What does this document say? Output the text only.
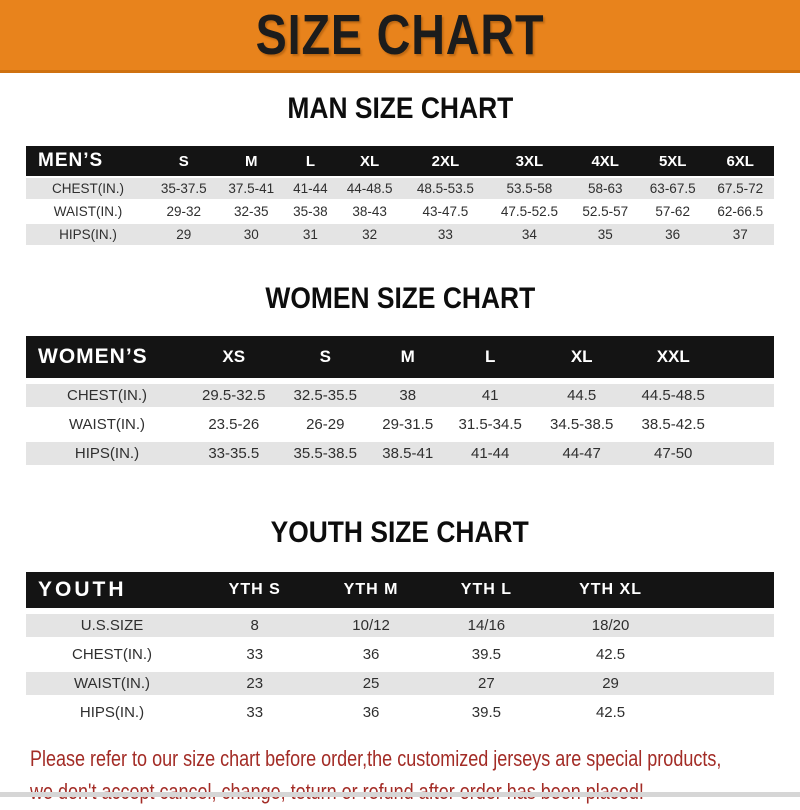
SIZE CHART
MAN SIZE CHART
MEN’S	S	M	L	XL	2XL	3XL	4XL	5XL	6XL
CHEST(IN.)	35-37.5	37.5-41	41-44	44-48.5	48.5-53.5	53.5-58	58-63	63-67.5	67.5-72
WAIST(IN.)	29-32	32-35	35-38	38-43	43-47.5	47.5-52.5	52.5-57	57-62	62-66.5
HIPS(IN.)	29	30	31	32	33	34	35	36	37
WOMEN SIZE CHART
WOMEN’S	XS	S	M	L	XL	XXL	
CHEST(IN.)	29.5-32.5	32.5-35.5	38	41	44.5	44.5-48.5	
WAIST(IN.)	23.5-26	26-29	29-31.5	31.5-34.5	34.5-38.5	38.5-42.5	
HIPS(IN.)	33-35.5	35.5-38.5	38.5-41	41-44	44-47	47-50	
YOUTH SIZE CHART
YOUTH	YTH S	YTH M	YTH L	YTH XL	
U.S.SIZE	8	10/12	14/16	18/20	
CHEST(IN.)	33	36	39.5	42.5	
WAIST(IN.)	23	25	27	29	
HIPS(IN.)	33	36	39.5	42.5	
Please refer to our size chart before order,the customized jerseys are special products,
